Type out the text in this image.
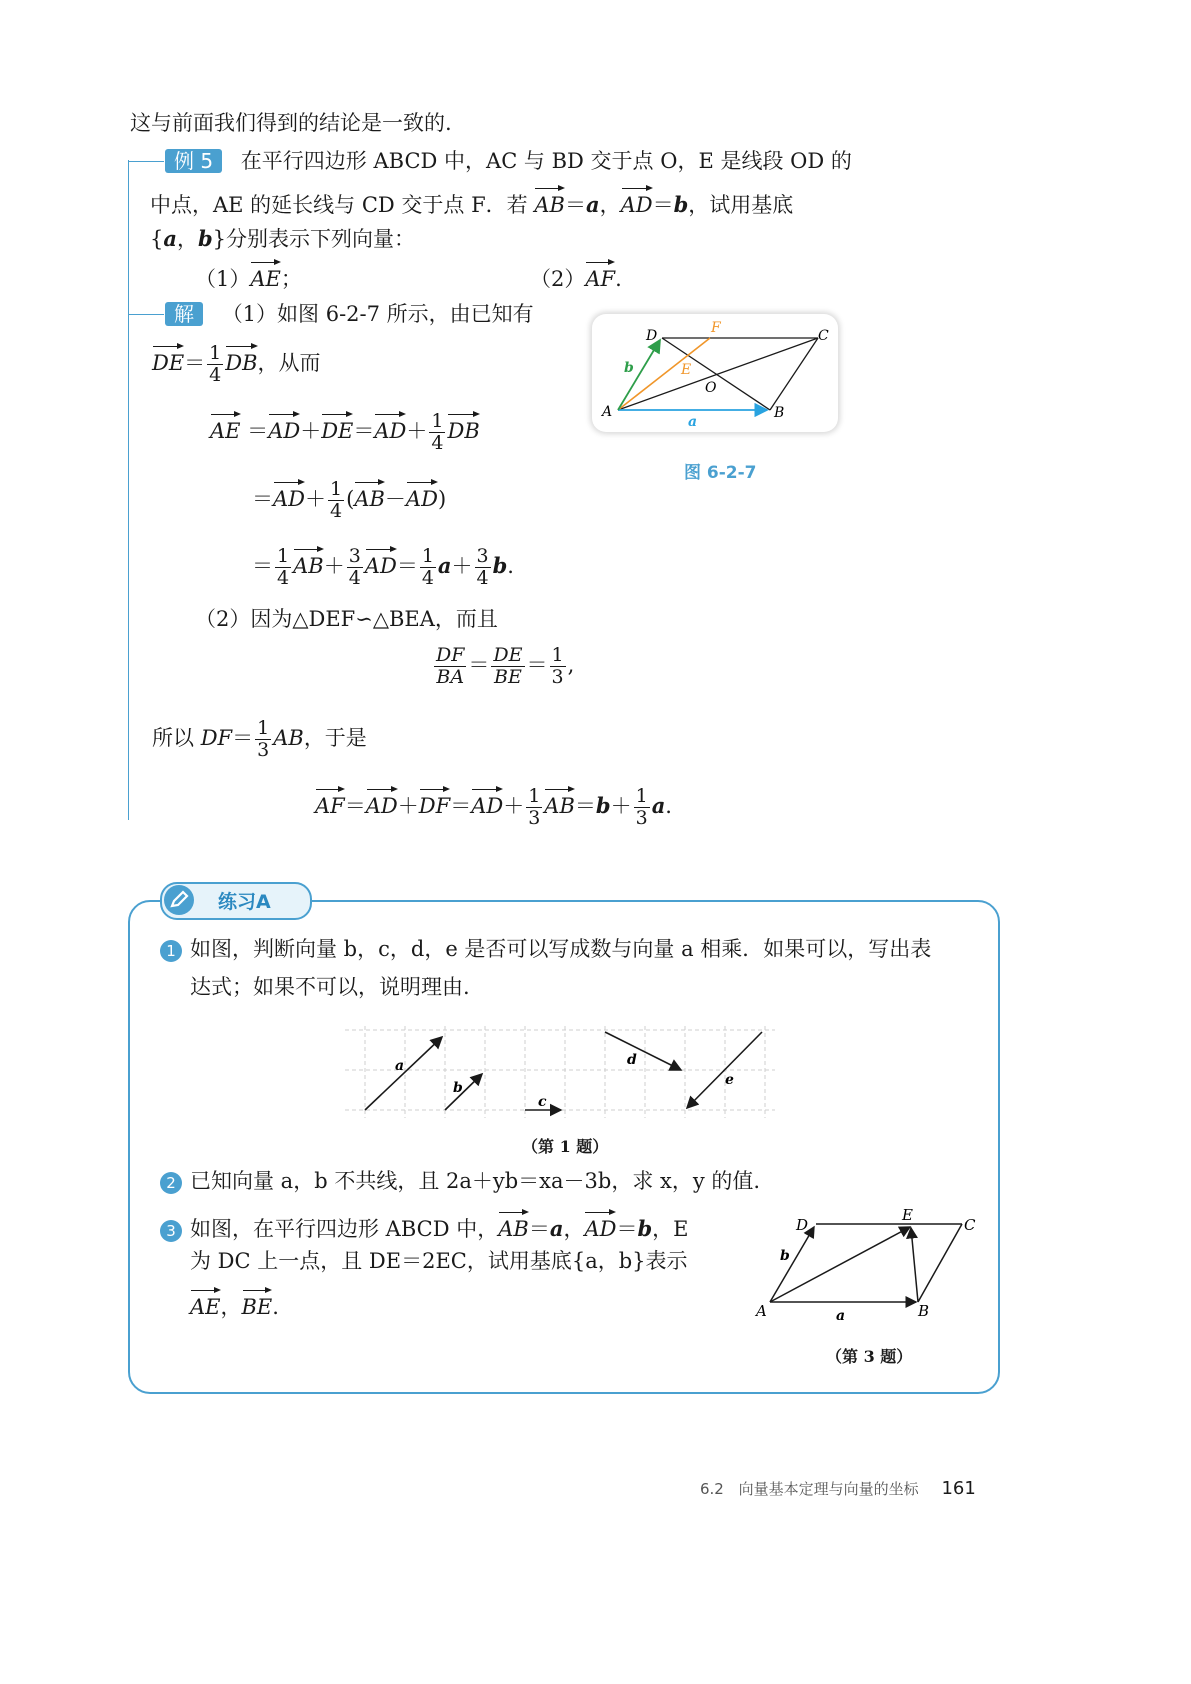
这与前面我们得到的结论是一致的.
例 5 在平行四边形 ABCD 中，AC 与 BD 交于点 O，E 是线段 OD 的
中点，AE 的延长线与 CD 交于点 F．若 AB＝a，AD＝b，试用基底
{a，b}分别表示下列向量：
（1）AE；	（2）AF.
解 （1）如图 6-2-7 所示，由已知有
$DE= \frac{1}{4}$ DB，从而
AE $=AD+DE=AD+ \frac{1}{4}$ DB
$=AD+ \frac{1}{4} (AB-AD)$
＝ $\frac{1}{4} AB+ \frac{3}{4} AD= \frac{1}{4} a+ \frac{3}{4} b$.
（2）因为△DEF∽△BEA，而且
$\frac{DF}{BA} = \frac{DE}{BE} = \frac{1}{3}$ ,
所以 $DF= \frac{1}{3}$ AB，于是
$AF=AD+DF=AD+ \frac{1}{3} AB=b+ \frac{1}{3} a$.
A	B
C
D
E
F
O
a
b
图 6-2-7
练习A
1 如图，判断向量 b，c，d，e 是否可以写成数与向量 a 相乘．如果可以，写出表
达式；如果不可以，说明理由.
a
b
c
d
e
（第 1 题）
2 已知向量 a，b 不共线，且 2a＋yb＝xa－3b，求 x，y 的值.
3 如图，在平行四边形 ABCD 中，AB＝a，AD＝b，E
为 DC 上一点，且 DE＝2EC，试用基底{a，b}表示
AE，BE.	A	B
C
D
E
a
b
（第 3 题）
6.2 向量基本定理与向量的坐标 161
